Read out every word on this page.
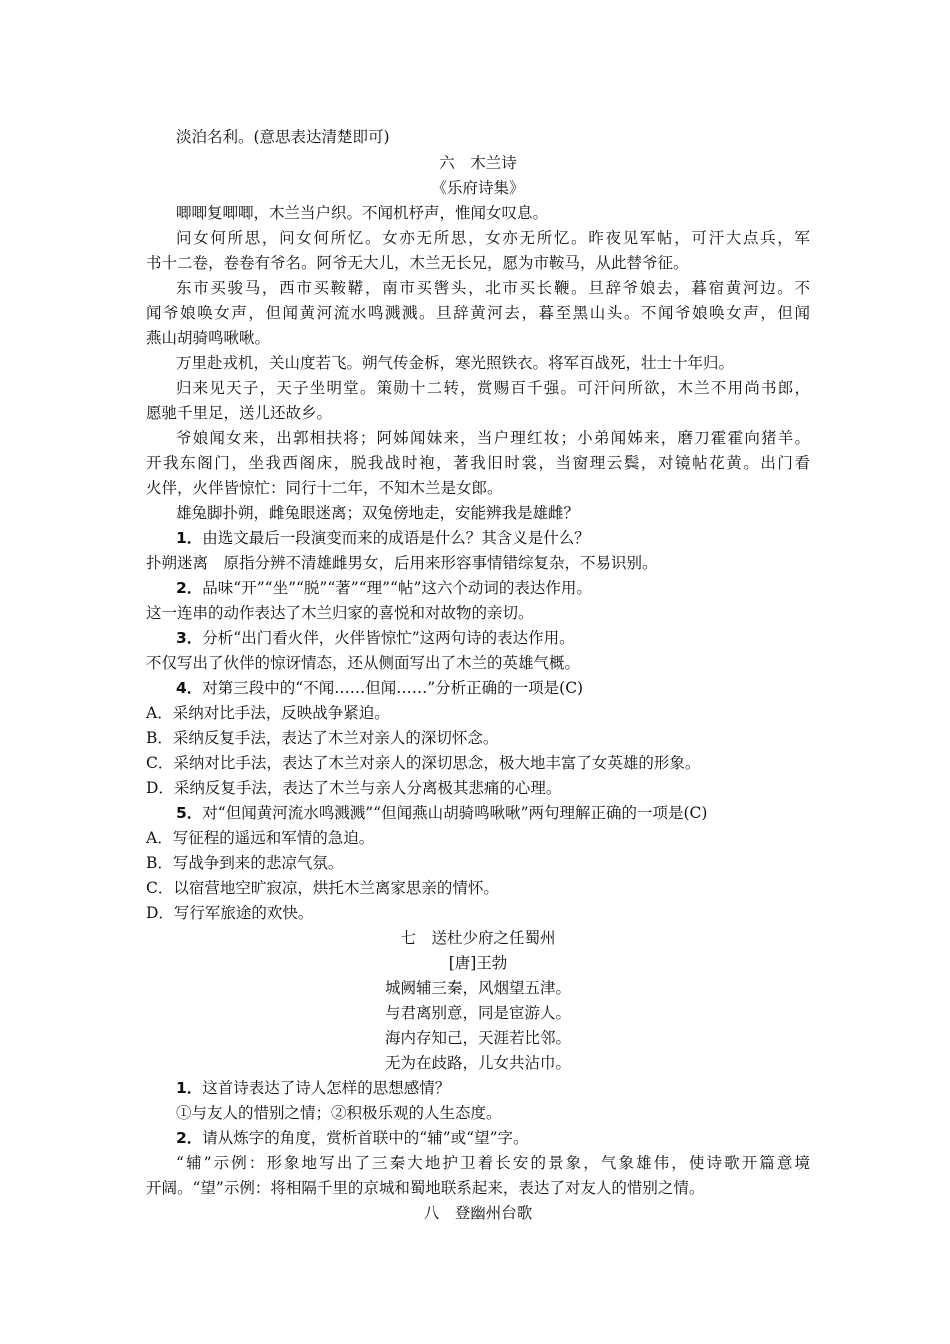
淡泊名利。(意思表达清楚即可)
六　木兰诗
《乐府诗集》
唧唧复唧唧，木兰当户织。不闻机杼声，惟闻女叹息。
问女何所思，问女何所忆。女亦无所思，女亦无所忆。昨夜见军帖，可汗大点兵，军
书十二卷，卷卷有爷名。阿爷无大儿，木兰无长兄，愿为市鞍马，从此替爷征。
东市买骏马，西市买鞍鞯，南市买辔头，北市买长鞭。旦辞爷娘去，暮宿黄河边。不
闻爷娘唤女声，但闻黄河流水鸣溅溅。旦辞黄河去，暮至黑山头。不闻爷娘唤女声，但闻
燕山胡骑鸣啾啾。
万里赴戎机，关山度若飞。朔气传金柝，寒光照铁衣。将军百战死，壮士十年归。
归来见天子，天子坐明堂。策勋十二转，赏赐百千强。可汗问所欲，木兰不用尚书郎，
愿驰千里足，送儿还故乡。
爷娘闻女来，出郭相扶将；阿姊闻妹来，当户理红妆；小弟闻姊来，磨刀霍霍向猪羊。
开我东阁门，坐我西阁床，脱我战时袍，著我旧时裳，当窗理云鬓，对镜帖花黄。出门看
火伴，火伴皆惊忙：同行十二年，不知木兰是女郎。
雄兔脚扑朔，雌兔眼迷离；双兔傍地走，安能辨我是雄雌？
1．由选文最后一段演变而来的成语是什么？其含义是什么？
扑朔迷离　原指分辨不清雄雌男女，后用来形容事情错综复杂，不易识别。
2．品味“开”“坐”“脱”“著”“理”“帖”这六个动词的表达作用。
这一连串的动作表达了木兰归家的喜悦和对故物的亲切。
3．分析“出门看火伴，火伴皆惊忙”这两句诗的表达作用。
不仅写出了伙伴的惊讶情态，还从侧面写出了木兰的英雄气概。
4．对第三段中的“不闻……但闻……”分析正确的一项是(C)
A．采纳对比手法，反映战争紧迫。
B．采纳反复手法，表达了木兰对亲人的深切怀念。
C．采纳对比手法，表达了木兰对亲人的深切思念，极大地丰富了女英雄的形象。
D．采纳反复手法，表达了木兰与亲人分离极其悲痛的心理。
5．对“但闻黄河流水鸣溅溅”“但闻燕山胡骑鸣啾啾”两句理解正确的一项是(C)
A．写征程的遥远和军情的急迫。
B．写战争到来的悲凉气氛。
C．以宿营地空旷寂凉，烘托木兰离家思亲的情怀。
D．写行军旅途的欢快。
七　送杜少府之任蜀州
[唐]王勃
城阙辅三秦，风烟望五津。
与君离别意，同是宦游人。
海内存知己，天涯若比邻。
无为在歧路，儿女共沾巾。
1．这首诗表达了诗人怎样的思想感情？
①与友人的惜别之情；②积极乐观的人生态度。
2．请从炼字的角度，赏析首联中的“辅”或“望”字。
“辅”示例：形象地写出了三秦大地护卫着长安的景象，气象雄伟，使诗歌开篇意境
开阔。“望”示例：将相隔千里的京城和蜀地联系起来，表达了对友人的惜别之情。
八　登幽州台歌
